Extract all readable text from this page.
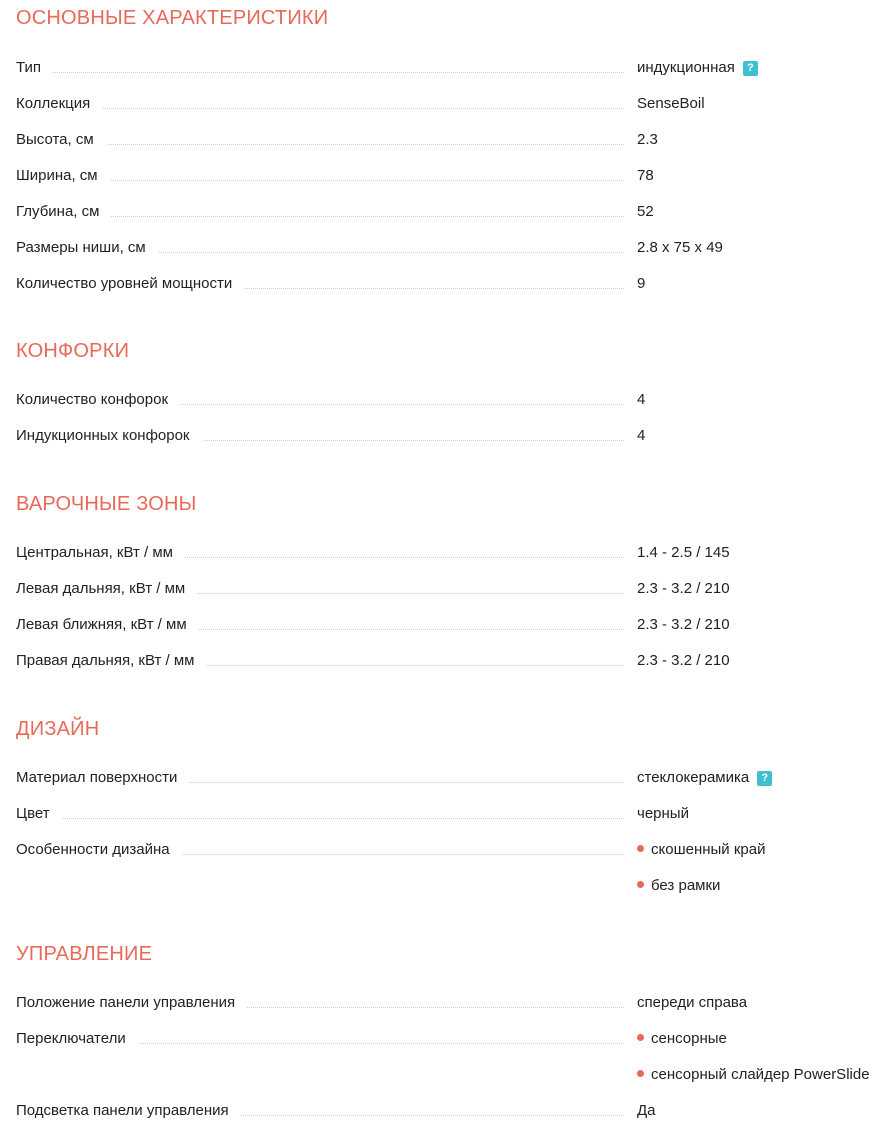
ОСНОВНЫЕ ХАРАКТЕРИСТИКИ
Тип	индукционная ?
Коллекция	SenseBoil
Высота, см	2.3
Ширина, см	78
Глубина, см	52
Размеры ниши, см	2.8 x 75 x 49
Количество уровней мощности	9
КОНФОРКИ
Количество конфорок	4
Индукционных конфорок	4
ВАРОЧНЫЕ ЗОНЫ
Центральная, кВт / мм	1.4 - 2.5 / 145
Левая дальняя, кВт / мм	2.3 - 3.2 / 210
Левая ближняя, кВт / мм	2.3 - 3.2 / 210
Правая дальняя, кВт / мм	2.3 - 3.2 / 210
ДИЗАЙН
Материал поверхности	стеклокерамика ?
Цвет	черный
Особенности дизайна	скошенный край
без рамки
УПРАВЛЕНИЕ
Положение панели управления	спереди справа
Переключатели	сенсорные
сенсорный слайдер PowerSlide
Подсветка панели управления	Да
